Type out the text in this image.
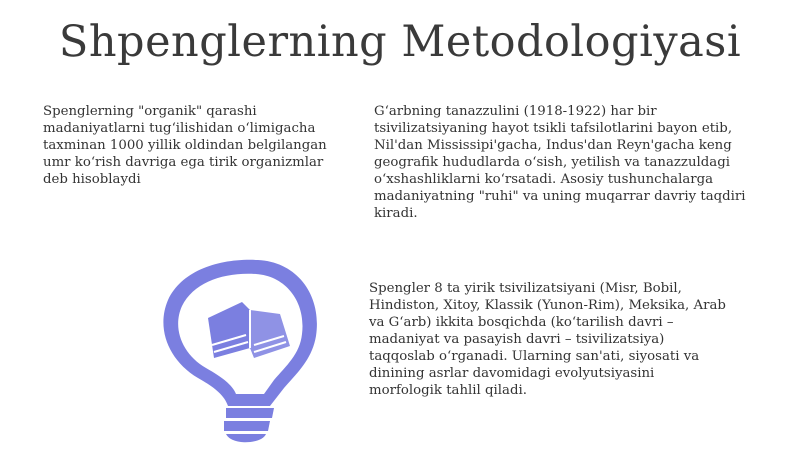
Shpenglerning Metodologiyasi

Spenglerning "organik" qarashi madaniyatlarni tug‘ilishidan o‘limigacha taxminan 1000 yillik oldindan belgilangan umr ko‘rish davriga ega tirik organizmlar deb hisoblaydi

G‘arbning tanazzulini (1918-1922) har bir tsivilizatsiyaning hayot tsikli tafsilotlarini bayon etib, Nil'dan Mississipi'gacha, Indus'dan Reyn'gacha keng geografik hududlarda o‘sish, yetilish va tanazzuldagi o‘xshashliklarni ko‘rsatadi. Asosiy tushunchalarga madaniyatning "ruhi" va uning muqarrar davriy taqdiri kiradi.

Spengler 8 ta yirik tsivilizatsiyani (Misr, Bobil, Hindiston, Xitoy, Klassik (Yunon-Rim), Meksika, Arab va G‘arb) ikkita bosqichda (ko‘tarilish davri – madaniyat va pasayish davri – tsivilizatsiya) taqqoslab o‘rganadi. Ularning san'ati, siyosati va dinining asrlar davomidagi evolyutsiyasini morfologik tahlil qiladi.
